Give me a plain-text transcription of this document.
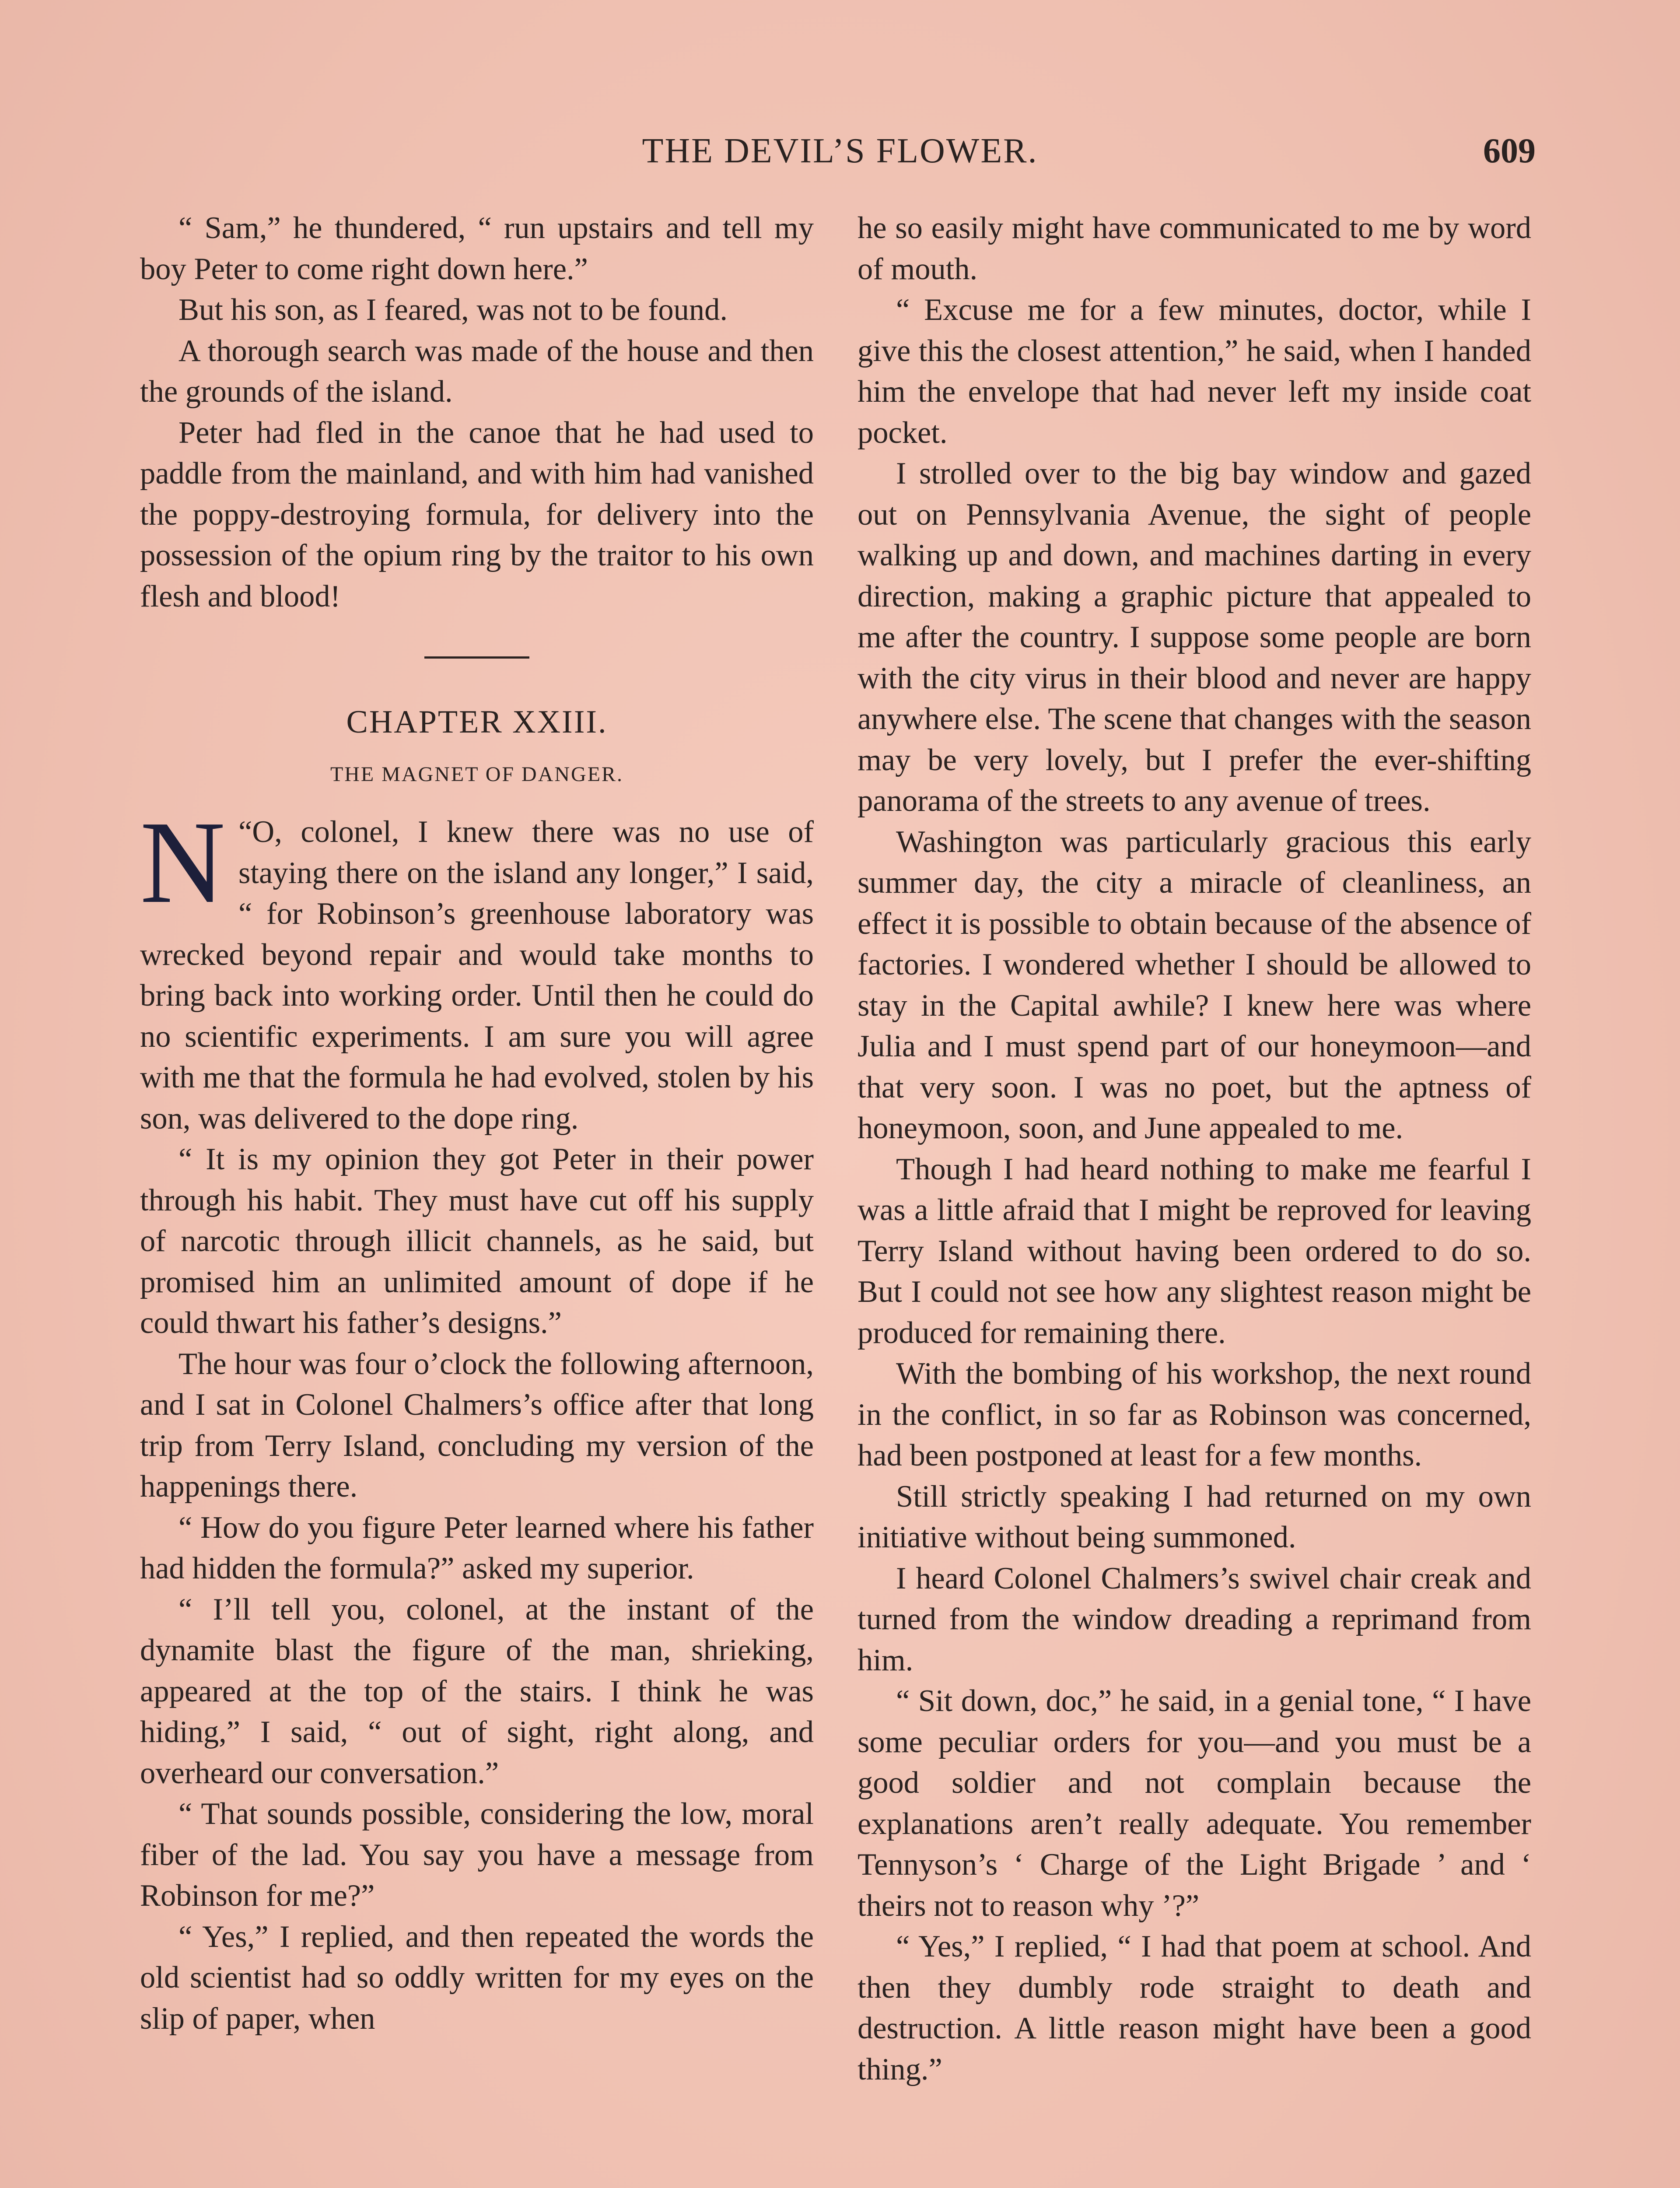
THE DEVIL’S FLOWER.	609

“ Sam,” he thundered, “ run upstairs and tell my boy Peter to come right down here.”

But his son, as I feared, was not to be found.

A thorough search was made of the house and then the grounds of the island.

Peter had fled in the canoe that he had used to paddle from the mainland, and with him had vanished the poppy-destroying formula, for delivery into the possession of the opium ring by the traitor to his own flesh and blood!

CHAPTER XXIII.
THE MAGNET OF DANGER.

“
N O, colonel, I knew there was no use of staying there on the island any longer,” I said, “ for Robinson’s greenhouse laboratory was wrecked beyond repair and would take months to bring back into working order. Until then he could do no scientific experiments. I am sure you will agree with me that the formula he had evolved, stolen by his son, was delivered to the dope ring.

“ It is my opinion they got Peter in their power through his habit. They must have cut off his supply of narcotic through illicit channels, as he said, but promised him an unlimited amount of dope if he could thwart his father’s designs.”

The hour was four o’clock the following afternoon, and I sat in Colonel Chalmers’s office after that long trip from Terry Island, concluding my version of the happenings there.

“ How do you figure Peter learned where his father had hidden the formula?” asked my superior.

“ I’ll tell you, colonel, at the instant of the dynamite blast the figure of the man, shrieking, appeared at the top of the stairs. I think he was hiding,” I said, “ out of sight, right along, and overheard our conversation.”

“ That sounds possible, considering the low, moral fiber of the lad. You say you have a message from Robinson for me?”

“ Yes,” I replied, and then repeated the words the old scientist had so oddly written for my eyes on the slip of paper, when

he so easily might have communicated to me by word of mouth.

“ Excuse me for a few minutes, doctor, while I give this the closest attention,” he said, when I handed him the envelope that had never left my inside coat pocket.

I strolled over to the big bay window and gazed out on Pennsylvania Avenue, the sight of people walking up and down, and machines darting in every direction, making a graphic picture that appealed to me after the country. I suppose some people are born with the city virus in their blood and never are happy anywhere else. The scene that changes with the season may be very lovely, but I prefer the ever-shifting panorama of the streets to any avenue of trees.

Washington was particularly gracious this early summer day, the city a miracle of cleanliness, an effect it is possible to obtain because of the absence of factories. I wondered whether I should be allowed to stay in the Capital awhile? I knew here was where Julia and I must spend part of our honeymoon—and that very soon. I was no poet, but the aptness of honeymoon, soon, and June appealed to me.

Though I had heard nothing to make me fearful I was a little afraid that I might be reproved for leaving Terry Island without having been ordered to do so. But I could not see how any slightest reason might be produced for remaining there.

With the bombing of his workshop, the next round in the conflict, in so far as Robinson was concerned, had been postponed at least for a few months.

Still strictly speaking I had returned on my own initiative without being summoned.

I heard Colonel Chalmers’s swivel chair creak and turned from the window dreading a reprimand from him.

“ Sit down, doc,” he said, in a genial tone, “ I have some peculiar orders for you—and you must be a good soldier and not complain because the explanations aren’t really adequate. You remember Tennyson’s ‘ Charge of the Light Brigade ’ and ‘ theirs not to reason why ’?”

“ Yes,” I replied, “ I had that poem at school. And then they dumbly rode straight to death and destruction. A little reason might have been a good thing.”
